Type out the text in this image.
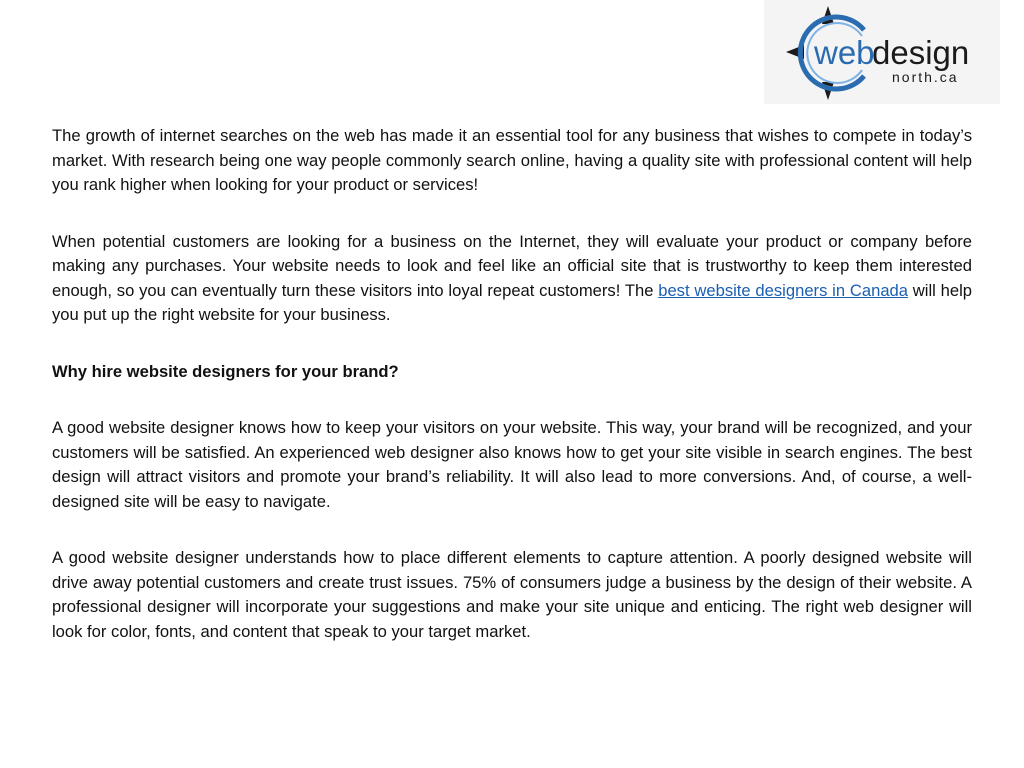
web
design
north.ca

The growth of internet searches on the web has made it an essential tool for any business that wishes to compete in today’s market. With research being one way people commonly search online, having a quality site with professional content will help you rank higher when looking for your product or services!

When potential customers are looking for a business on the Internet, they will evaluate your product or company before making any purchases. Your website needs to look and feel like an official site that is trustworthy to keep them interested enough, so you can eventually turn these visitors into loyal repeat customers! The best website designers in Canada will help you put up the right website for your business.

Why hire website designers for your brand?

A good website designer knows how to keep your visitors on your website. This way, your brand will be recognized, and your customers will be satisfied. An experienced web designer also knows how to get your site visible in search engines. The best design will attract visitors and promote your brand’s reliability. It will also lead to more conversions. And, of course, a well-designed site will be easy to navigate.

A good website designer understands how to place different elements to capture attention. A poorly designed website will drive away potential customers and create trust issues. 75% of consumers judge a business by the design of their website. A professional designer will incorporate your suggestions and make your site unique and enticing. The right web designer will look for color, fonts, and content that speak to your target market.
